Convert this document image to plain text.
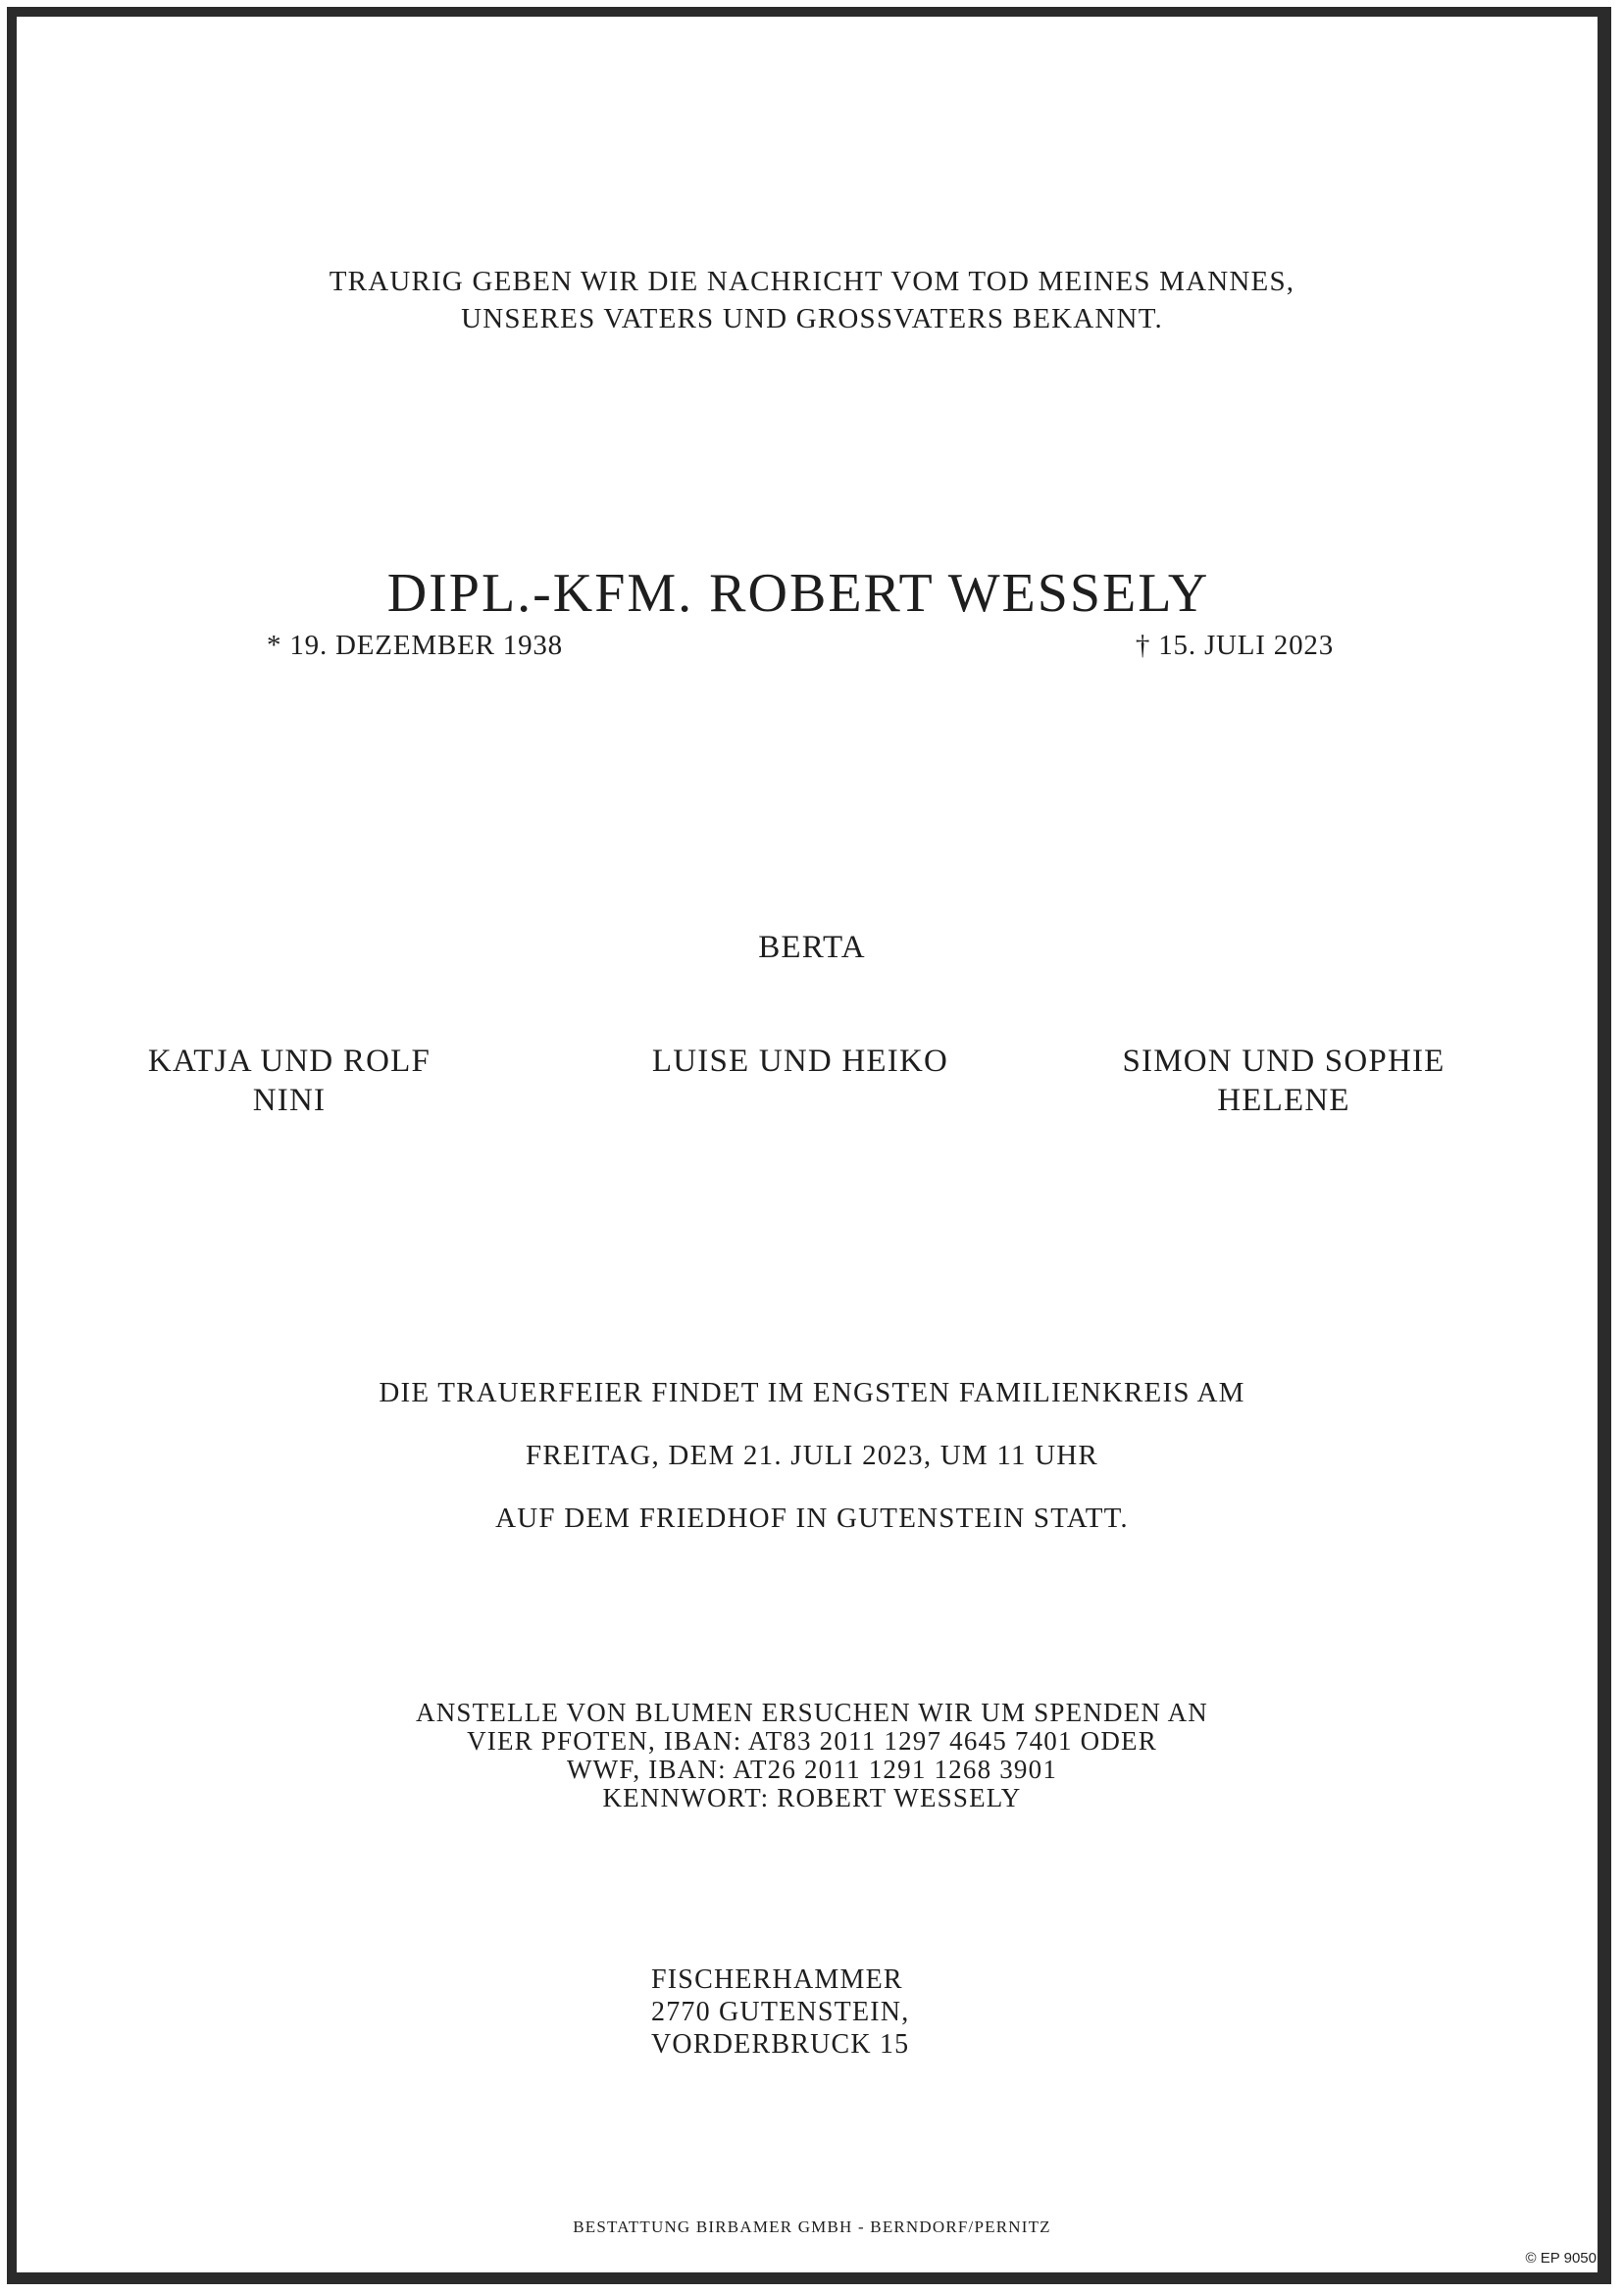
TRAURIG GEBEN WIR DIE NACHRICHT VOM TOD MEINES MANNES,
UNSERES VATERS UND GROSSVATERS BEKANNT.
DIPL.-KFM. ROBERT WESSELY
* 19. DEZEMBER 1938	† 15. JULI 2023
BERTA
KATJA UND ROLF
NINI
LUISE UND HEIKO	SIMON UND SOPHIE
HELENE
DIE TRAUERFEIER FINDET IM ENGSTEN FAMILIENKREIS AM
FREITAG, DEM 21. JULI 2023, UM 11 UHR
AUF DEM FRIEDHOF IN GUTENSTEIN STATT.
ANSTELLE VON BLUMEN ERSUCHEN WIR UM SPENDEN AN
VIER PFOTEN, IBAN: AT83 2011 1297 4645 7401 ODER
WWF, IBAN: AT26 2011 1291 1268 3901
KENNWORT: ROBERT WESSELY
FISCHERHAMMER
2770 GUTENSTEIN,
VORDERBRUCK 15
BESTATTUNG BIRBAMER GMBH - BERNDORF/PERNITZ
© EP 9050
